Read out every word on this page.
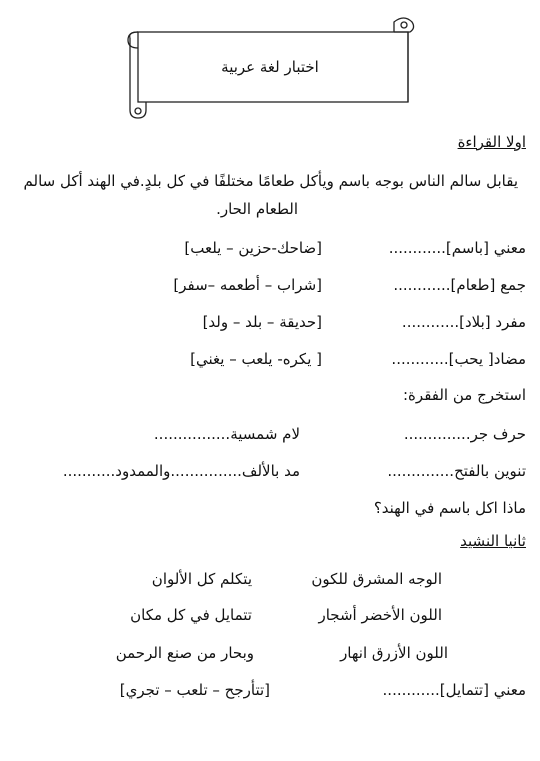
اختبار لغة عربية
اولا القراءة
يقابل سالم الناس بوجه باسم ويأكل طعامًا مختلفًا في كل بلدٍ.في الهند أكل سالم
الطعام الحار.
معني [باسم]............
[ضاحك-حزين – يلعب]
جمع [طعام]............
[شراب – أطعمه –سفر]
مفرد [بلاد]............
[حديقة – بلد – ولد]
مضاد[ يحب]............
[ يكره- يلعب – يغني]
استخرج من الفقرة:
حرف جر..............
لام شمسية................
تنوين بالفتح..............
مد بالألف...............والممدود...........
ماذا اكل باسم في الهند؟
ثانيا النشيد
الوجه المشرق للكون
يتكلم كل الألوان
اللون الأخضر أشجار
تتمايل في كل مكان
اللون الأزرق انهار
وبحار من صنع الرحمن
معني [تتمايل]............
[تتأرجح – تلعب – تجري]
